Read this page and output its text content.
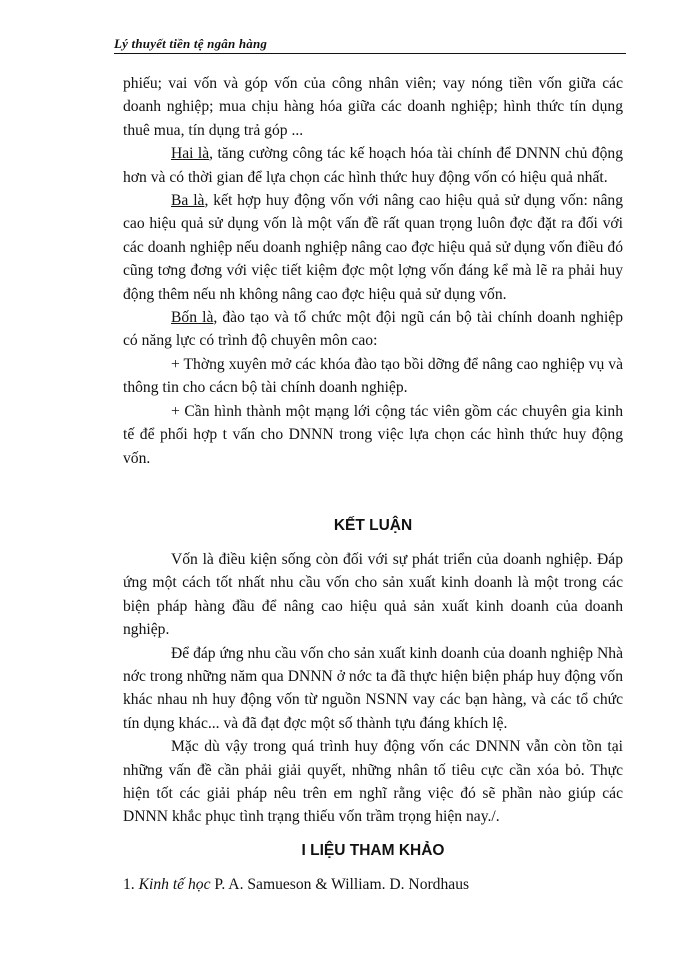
Lý thuyết tiền tệ ngân hàng

phiếu; vai vốn và góp vốn của công nhân viên; vay nóng tiền vốn giữa các doanh nghiệp; mua chịu hàng hóa giữa các doanh nghiệp; hình thức tín dụng thuê mua, tín dụng trả góp ...

Hai là, tăng cường công tác kế hoạch hóa tài chính để DNNN chủ động hơn và có thời gian để lựa chọn các hình thức huy động vốn có hiệu quả nhất.

Ba là, kết hợp huy động vốn với nâng cao hiệu quả sử dụng vốn: nâng cao hiệu quả sử dụng vốn là một vấn đề rất quan trọng luôn đợc đặt ra đối với các doanh nghiệp nếu doanh nghiệp nâng cao đợc hiệu quả sử dụng vốn điều đó cũng tơng đơng với việc tiết kiệm đợc một lợng vốn đáng kể mà lẽ ra phải huy động thêm nếu nh không nâng cao đợc hiệu quả sử dụng vốn.

Bốn là, đào tạo và tổ chức một đội ngũ cán bộ tài chính doanh nghiệp có năng lực có trình độ chuyên môn cao:

+ Thờng xuyên mở các khóa đào tạo bồi dỡng để nâng cao nghiệp vụ và thông tin cho cácn bộ tài chính doanh nghiệp.

+ Cần hình thành một mạng lới cộng tác viên gồm các chuyên gia kinh tế để phối hợp t vấn cho DNNN trong việc lựa chọn các hình thức huy động vốn.

KẾT LUẬN

Vốn là điều kiện sống còn đối với sự phát triển của doanh nghiệp. Đáp ứng một cách tốt nhất nhu cầu vốn cho sản xuất kinh doanh là một trong các biện pháp hàng đầu để nâng cao hiệu quả sản xuất kinh doanh của doanh nghiệp.

Để đáp ứng nhu cầu vốn cho sản xuất kinh doanh của doanh nghiệp Nhà nớc trong những năm qua DNNN ở nớc ta đã thực hiện biện pháp huy động vốn khác nhau nh huy động vốn từ nguồn NSNN vay các bạn hàng, và các tổ chức tín dụng khác... và đã đạt đợc một số thành tựu đáng khích lệ.

Mặc dù vậy trong quá trình huy động vốn các DNNN vẫn còn tồn tại những vấn đề cần phải giải quyết, những nhân tố tiêu cực cần xóa bỏ. Thực hiện tốt các giải pháp nêu trên em nghĩ rằng việc đó sẽ phần nào giúp các DNNN khắc phục tình trạng thiếu vốn trầm trọng hiện nay./.

I LIỆU THAM KHẢO

1. Kinh tế học P. A. Samueson & William. D. Nordhaus
